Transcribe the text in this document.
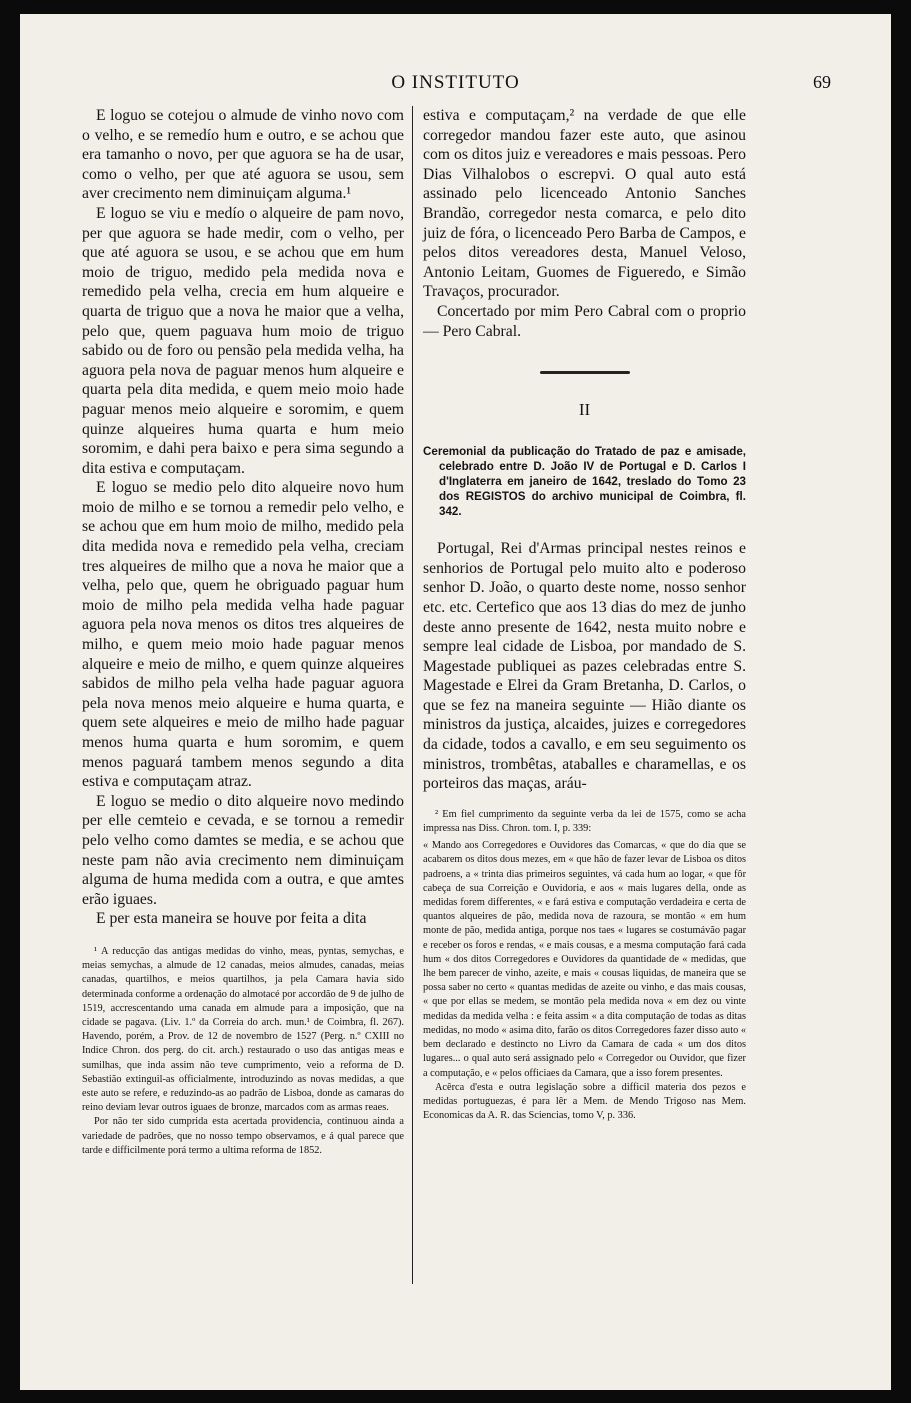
O INSTITUTO	69

E loguo se cotejou o almude de vinho novo com o velho, e se remedío hum e outro, e se achou que era tamanho o novo, per que aguora se ha de usar, como o velho, per que até aguora se usou, sem aver crecimento nem diminuiçam alguma.¹

E loguo se viu e medío o alqueire de pam novo, per que aguora se hade medir, com o velho, per que até aguora se usou, e se achou que em hum moio de triguo, medido pela medida nova e remedido pela velha, crecia em hum alqueire e quarta de triguo que a nova he maior que a velha, pelo que, quem paguava hum moio de triguo sabido ou de foro ou pensão pela medida velha, ha aguora pela nova de paguar menos hum alqueire e quarta pela dita medida, e quem meio moio hade paguar menos meio alqueire e soromim, e quem quinze alqueires huma quarta e hum meio soromim, e dahi pera baixo e pera sima segundo a dita estiva e computaçam.

E loguo se medio pelo dito alqueire novo hum moio de milho e se tornou a remedir pelo velho, e se achou que em hum moio de milho, medido pela dita medida nova e remedido pela velha, creciam tres alqueires de milho que a nova he maior que a velha, pelo que, quem he obriguado paguar hum moio de milho pela medida velha hade paguar aguora pela nova menos os ditos tres alqueires de milho, e quem meio moio hade paguar menos alqueire e meio de milho, e quem quinze alqueires sabidos de milho pela velha hade paguar aguora pela nova menos meio alqueire e huma quarta, e quem sete alqueires e meio de milho hade paguar menos huma quarta e hum soromim, e quem menos paguará tambem menos segundo a dita estiva e computaçam atraz.

E loguo se medio o dito alqueire novo medindo per elle cemteio e cevada, e se tornou a remedir pelo velho como damtes se media, e se achou que neste pam não avia crecimento nem diminuiçam alguma de huma medida com a outra, e que amtes erão iguaes.

E per esta maneira se houve por feita a dita

¹ A reducção das antigas medidas do vinho, meas, pyntas, semychas, e meias semychas, a almude de 12 canadas, meios almudes, canadas, meias canadas, quartilhos, e meios quartilhos, ja pela Camara havia sido determinada conforme a ordenação do almotacé por accordão de 9 de julho de 1519, accrescentando uma canada em almude para a imposição, que na cidade se pagava. (Liv. 1.º da Correia do arch. mun.¹ de Coimbra, fl. 267). Havendo, porém, a Prov. de 12 de novembro de 1527 (Perg. n.º CXIII no Indice Chron. dos perg. do cit. arch.) restaurado o uso das antigas meas e sumilhas, que inda assim não teve cumprimento, veio a reforma de D. Sebastião extinguil-as officialmente, introduzindo as novas medidas, a que este auto se refere, e reduzindo-as ao padrão de Lisboa, donde as camaras do reino deviam levar outros iguaes de bronze, marcados com as armas reaes.

Por não ter sido cumprida esta acertada providencia, continuou ainda a variedade de padrões, que no nosso tempo observamos, e á qual parece que tarde e difficilmente porá termo a ultima reforma de 1852.

estiva e computaçam,² na verdade de que elle corregedor mandou fazer este auto, que asinou com os ditos juiz e vereadores e mais pessoas. Pero Dias Vilhalobos o escrepvi. O qual auto está assinado pelo licenceado Antonio Sanches Brandão, corregedor nesta comarca, e pelo dito juiz de fóra, o licenceado Pero Barba de Campos, e pelos ditos vereadores desta, Manuel Veloso, Antonio Leitam, Guomes de Figueredo, e Simão Travaços, procurador.

Concertado por mim Pero Cabral com o proprio — Pero Cabral.

II
Ceremonial da publicação do Tratado de paz e amisade, celebrado entre D. João IV de Portugal e D. Carlos I d'Inglaterra em janeiro de 1642, treslado do Tomo 23 dos REGISTOS do archivo municipal de Coimbra, fl. 342.

Portugal, Rei d'Armas principal nestes reinos e senhorios de Portugal pelo muito alto e poderoso senhor D. João, o quarto deste nome, nosso senhor etc. etc. Certefico que aos 13 dias do mez de junho deste anno presente de 1642, nesta muito nobre e sempre leal cidade de Lisboa, por mandado de S. Magestade publiquei as pazes celebradas entre S. Magestade e Elrei da Gram Bretanha, D. Carlos, o que se fez na maneira seguinte — Hião diante os ministros da justiça, alcaides, juizes e corregedores da cidade, todos a cavallo, e em seu seguimento os ministros, trombêtas, ataballes e charamellas, e os porteiros das maças, aráu-

² Em fiel cumprimento da seguinte verba da lei de 1575, como se acha impressa nas Diss. Chron. tom. I, p. 339:

« Mando aos Corregedores e Ouvidores das Comarcas, « que do dia que se acabarem os ditos dous mezes, em « que hão de fazer levar de Lisboa os ditos padroens, a « trinta dias primeiros seguintes, vá cada hum ao logar, « que fôr cabeça de sua Correição e Ouvidoria, e aos « mais lugares della, onde as medidas forem differentes, « e fará estiva e computação verdadeira e certa de quantos alqueires de pão, medida nova de razoura, se montão « em hum monte de pão, medida antiga, porque nos taes « lugares se costumávão pagar e receber os foros e rendas, « e mais cousas, e a mesma computação fará cada hum « dos ditos Corregedores e Ouvidores da quantidade de « medidas, que lhe bem parecer de vinho, azeite, e mais « cousas liquidas, de maneira que se possa saber no certo « quantas medidas de azeite ou vinho, e das mais cousas, « que por ellas se medem, se montão pela medida nova « em dez ou vinte medidas da medida velha : e feita assim « a dita computação de todas as ditas medidas, no modo « asima dito, farão os ditos Corregedores fazer disso auto « bem declarado e destincto no Livro da Camara de cada « um dos ditos lugares... o qual auto será assignado pelo « Corregedor ou Ouvidor, que fizer a computação, e « pelos officiaes da Camara, que a isso forem presentes.

Acêrca d'esta e outra legislação sobre a difficil materia dos pezos e medidas portuguezas, é para lêr a Mem. de Mendo Trigoso nas Mem. Economicas da A. R. das Sciencias, tomo V, p. 336.
